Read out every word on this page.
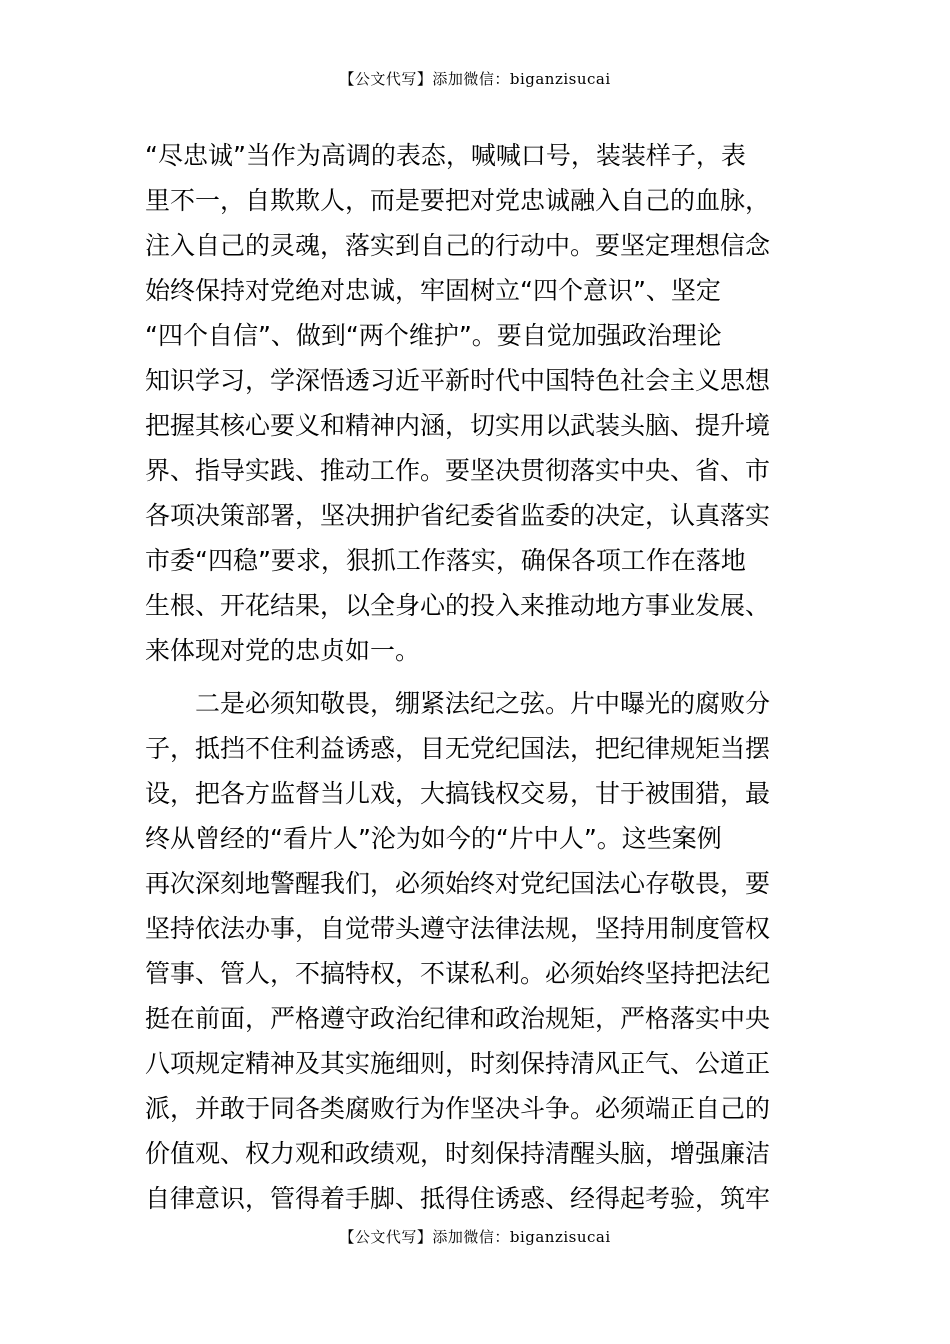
【公文代写】添加微信：biganzisucai
“尽忠诚”当作为高调的表态，喊喊口号，装装样子，表
里不一，自欺欺人，而是要把对党忠诚融入自己的血脉，
注入自己的灵魂，落实到自己的行动中。要坚定理想信念
始终保持对党绝对忠诚，牢固树立“四个意识”、坚定
“四个自信”、做到“两个维护”。要自觉加强政治理论
知识学习，学深悟透习近平新时代中国特色社会主义思想
把握其核心要义和精神内涵，切实用以武装头脑、提升境
界、指导实践、推动工作。要坚决贯彻落实中央、省、市
各项决策部署，坚决拥护省纪委省监委的决定，认真落实
市委“四稳”要求，狠抓工作落实，确保各项工作在落地
生根、开花结果，以全身心的投入来推动地方事业发展、
来体现对党的忠贞如一。
　　二是必须知敬畏，绷紧法纪之弦。片中曝光的腐败分
子，抵挡不住利益诱惑，目无党纪国法，把纪律规矩当摆
设，把各方监督当儿戏，大搞钱权交易，甘于被围猎，最
终从曾经的“看片人”沦为如今的“片中人”。这些案例
再次深刻地警醒我们，必须始终对党纪国法心存敬畏，要
坚持依法办事，自觉带头遵守法律法规，坚持用制度管权
管事、管人，不搞特权，不谋私利。必须始终坚持把法纪
挺在前面，严格遵守政治纪律和政治规矩，严格落实中央
八项规定精神及其实施细则，时刻保持清风正气、公道正
派，并敢于同各类腐败行为作坚决斗争。必须端正自己的
价值观、权力观和政绩观，时刻保持清醒头脑，增强廉洁
自律意识，管得着手脚、抵得住诱惑、经得起考验，筑牢
【公文代写】添加微信：biganzisucai
